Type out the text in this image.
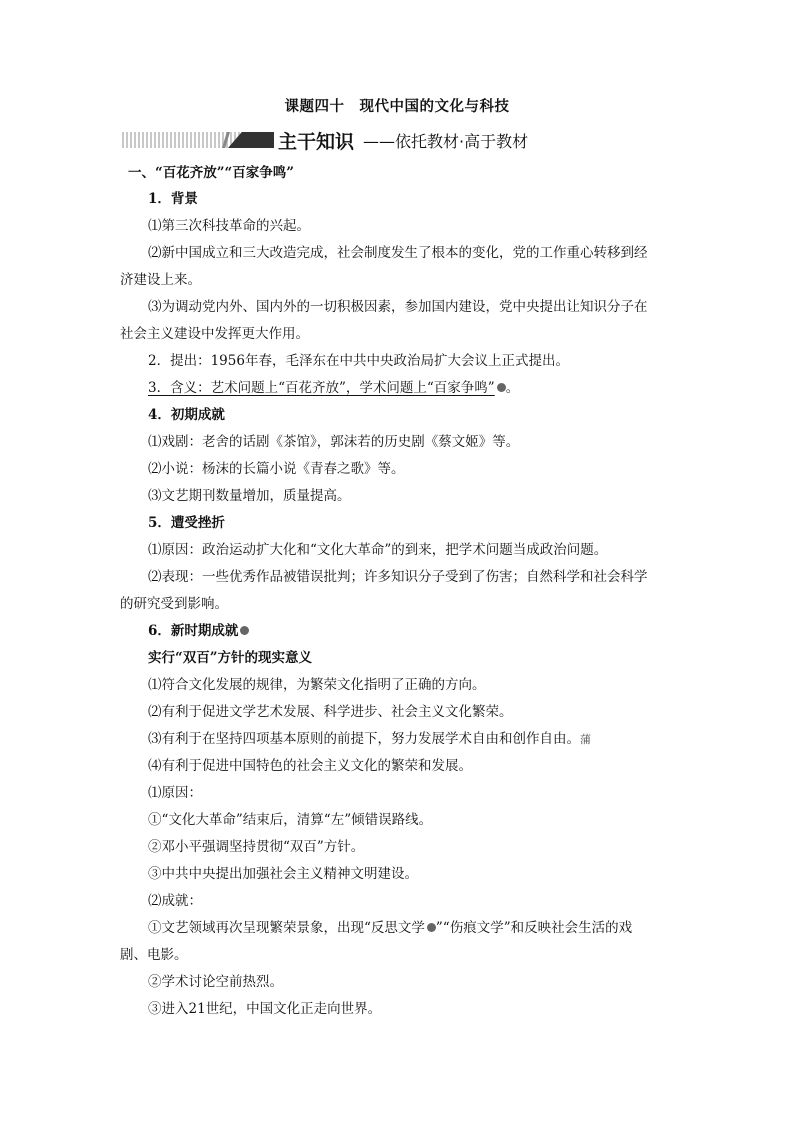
课题四十　现代中国的文化与科技
主干知识 ——依托教材·高于教材
一、“百花齐放”“百家争鸣”
1．背景
⑴第三次科技革命的兴起。
⑵新中国成立和三大改造完成，社会制度发生了根本的变化，党的工作重心转移到经
济建设上来。
⑶为调动党内外、国内外的一切积极因素，参加国内建设，党中央提出让知识分子在
社会主义建设中发挥更大作用。
2．提出：1956年春，毛泽东在中共中央政治局扩大会议上正式提出。
3．含义：艺术问题上“百花齐放”，学术问题上“百家争鸣” 。
4．初期成就
⑴戏剧：老舍的话剧《茶馆》，郭沫若的历史剧《蔡文姬》等。
⑵小说：杨沫的长篇小说《青春之歌》等。
⑶文艺期刊数量增加，质量提高。
5．遭受挫折
⑴原因：政治运动扩大化和“文化大革命”的到来，把学术问题当成政治问题。
⑵表现：一些优秀作品被错误批判；许多知识分子受到了伤害；自然科学和社会科学
的研究受到影响。
6．新时期成就
实行“双百”方针的现实意义
⑴符合文化发展的规律，为繁荣文化指明了正确的方向。
⑵有利于促进文学艺术发展、科学进步、社会主义文化繁荣。
⑶有利于在坚持四项基本原则的前提下，努力发展学术自由和创作自由。蒲
⑷有利于促进中国特色的社会主义文化的繁荣和发展。
⑴原因：
①“文化大革命”结束后，清算“左”倾错误路线。
②邓小平强调坚持贯彻“双百”方针。
③中共中央提出加强社会主义精神文明建设。
⑵成就：
①文艺领域再次呈现繁荣景象，出现“反思文学 ”“伤痕文学”和反映社会生活的戏
剧、电影。
②学术讨论空前热烈。
③进入21世纪，中国文化正走向世界。
